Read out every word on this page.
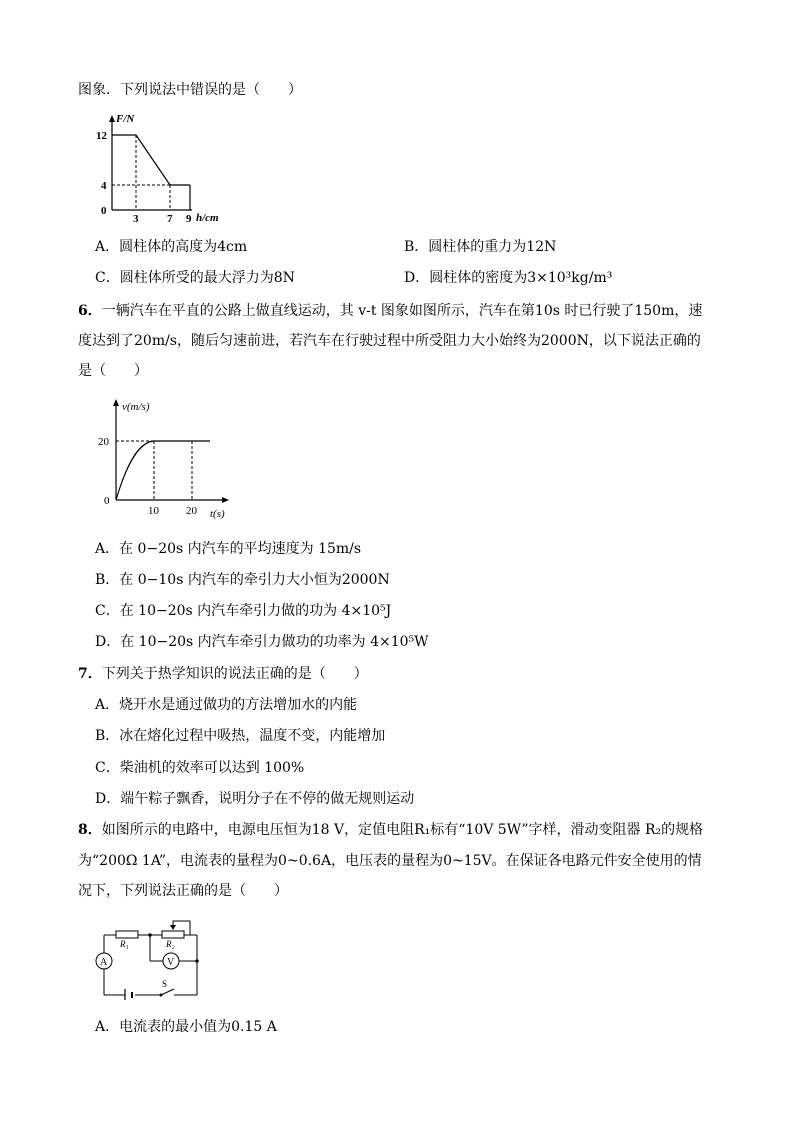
图象．下列说法中错误的是（　　）
F/N
12
4
0
3	7 9 h/cm
A．圆柱体的高度为4cm	B．圆柱体的重力为12N
C．圆柱体所受的最大浮力为8N	D．圆柱体的密度为3×10³kg/m³
6．一辆汽车在平直的公路上做直线运动，其 v-t 图象如图所示，汽车在第10s 时已行驶了150m，速
度达到了20m/s，随后匀速前进，若汽车在行驶过程中所受阻力大小始终为2000N，以下说法正确的
是（　　）
v(m/s)
20
0
10 20 t(s)
A．在 0−20s 内汽车的平均速度为 15m/s
B．在 0−10s 内汽车的牵引力大小恒为2000N
C．在 10−20s 内汽车牵引力做的功为 4×10⁵J
D．在 10−20s 内汽车牵引力做功的功率为 4×10⁵W
7．下列关于热学知识的说法正确的是（　　）
A．烧开水是通过做功的方法增加水的内能
B．冰在熔化过程中吸热，温度不变，内能增加
C．柴油机的效率可以达到 100%
D．端午粽子飘香，说明分子在不停的做无规则运动
8．如图所示的电路中，电源电压恒为18 V，定值电阻R₁标有“10V 5W”字样，滑动变阻器 R₂的规格
为“200Ω 1A”，电流表的量程为0~0.6A，电压表的量程为0~15V。在保证各电路元件安全使用的情
况下，下列说法正确的是（　　）
S
A
R₁	R₂
V
A．电流表的最小值为0.15 A
